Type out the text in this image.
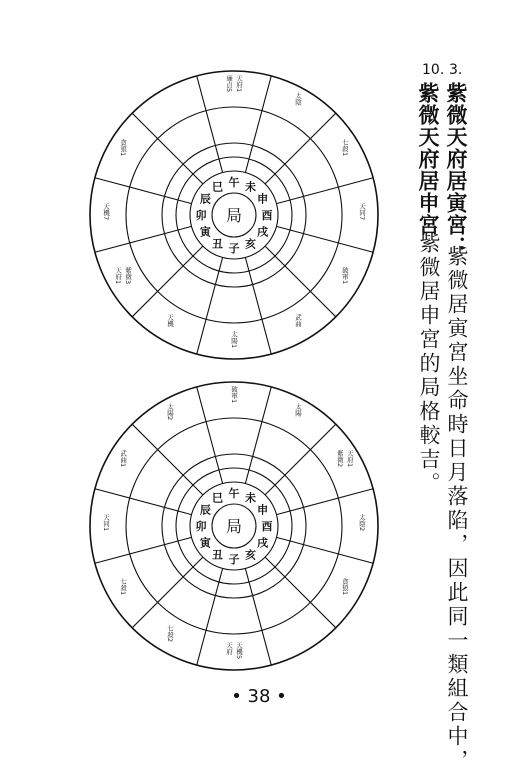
局
午 未
申
酉
戌
亥
子
丑
寅
卯
辰
巳
天府1
廉貞5
太陰
七殺1
天同7
破軍1
武曲
太陽1
天機
紫微3
天府1
天機7
貪狼1
局
午 未
申
酉
戌
亥
子
丑
寅
卯
辰
巳
破軍1
太陽
天府1
紫微2
太陰2
貪狼1
天機5
天府
七殺2
七殺1
天同1
武曲1
太陽2
3.
10.
紫微天府居寅宮：
紫微居寅宮坐命時日月落陷，因此同一類組合中，
紫微天府居申宮
紫微居申宮的局格較吉。
• 38 •
